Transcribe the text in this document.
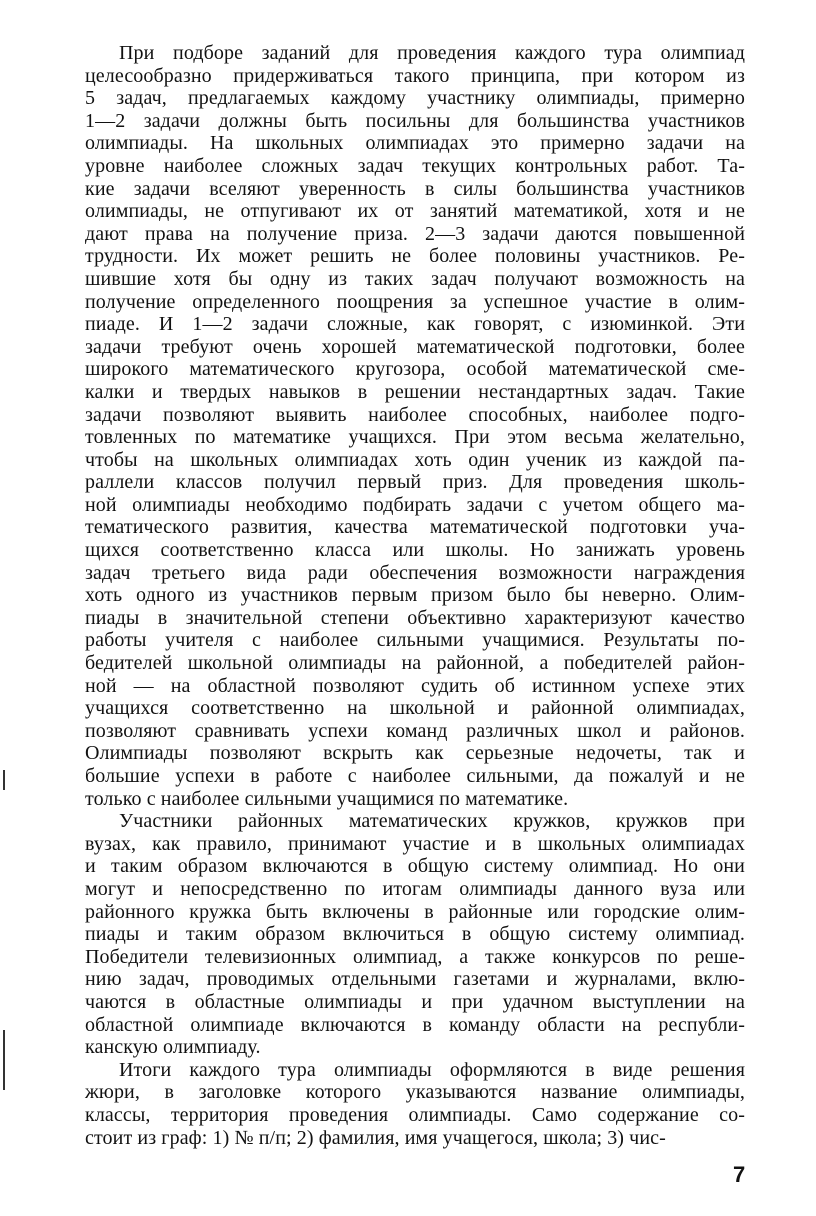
При подборе заданий для проведения каждого тура олимпиад
целесообразно придерживаться такого принципа, при котором из
5 задач, предлагаемых каждому участнику олимпиады, примерно
1—2 задачи должны быть посильны для большинства участников
олимпиады. На школьных олимпиадах это примерно задачи на
уровне наиболее сложных задач текущих контрольных работ. Та-
кие задачи вселяют уверенность в силы большинства участников
олимпиады, не отпугивают их от занятий математикой, хотя и не
дают права на получение приза. 2—3 задачи даются повышенной
трудности. Их может решить не более половины участников. Ре-
шившие хотя бы одну из таких задач получают возможность на
получение определенного поощрения за успешное участие в олим-
пиаде. И 1—2 задачи сложные, как говорят, с изюминкой. Эти
задачи требуют очень хорошей математической подготовки, более
широкого математического кругозора, особой математической сме-
калки и твердых навыков в решении нестандартных задач. Такие
задачи позволяют выявить наиболее способных, наиболее подго-
товленных по математике учащихся. При этом весьма желательно,
чтобы на школьных олимпиадах хоть один ученик из каждой па-
раллели классов получил первый приз. Для проведения школь-
ной олимпиады необходимо подбирать задачи с учетом общего ма-
тематического развития, качества математической подготовки уча-
щихся соответственно класса или школы. Но занижать уровень
задач третьего вида ради обеспечения возможности награждения
хоть одного из участников первым призом было бы неверно. Олим-
пиады в значительной степени объективно характеризуют качество
работы учителя с наиболее сильными учащимися. Результаты по-
бедителей школьной олимпиады на районной, а победителей район-
ной — на областной позволяют судить об истинном успехе этих
учащихся соответственно на школьной и районной олимпиадах,
позволяют сравнивать успехи команд различных школ и районов.
Олимпиады позволяют вскрыть как серьезные недочеты, так и
большие успехи в работе с наиболее сильными, да пожалуй и не
только с наиболее сильными учащимися по математике.
Участники районных математических кружков, кружков при
вузах, как правило, принимают участие и в школьных олимпиадах
и таким образом включаются в общую систему олимпиад. Но они
могут и непосредственно по итогам олимпиады данного вуза или
районного кружка быть включены в районные или городские олим-
пиады и таким образом включиться в общую систему олимпиад.
Победители телевизионных олимпиад, а также конкурсов по реше-
нию задач, проводимых отдельными газетами и журналами, вклю-
чаются в областные олимпиады и при удачном выступлении на
областной олимпиаде включаются в команду области на республи-
канскую олимпиаду.
Итоги каждого тура олимпиады оформляются в виде решения
жюри, в заголовке которого указываются название олимпиады,
классы, территория проведения олимпиады. Само содержание со-
стоит из граф: 1) № п/п; 2) фамилия, имя учащегося, школа; 3) чис-
7
